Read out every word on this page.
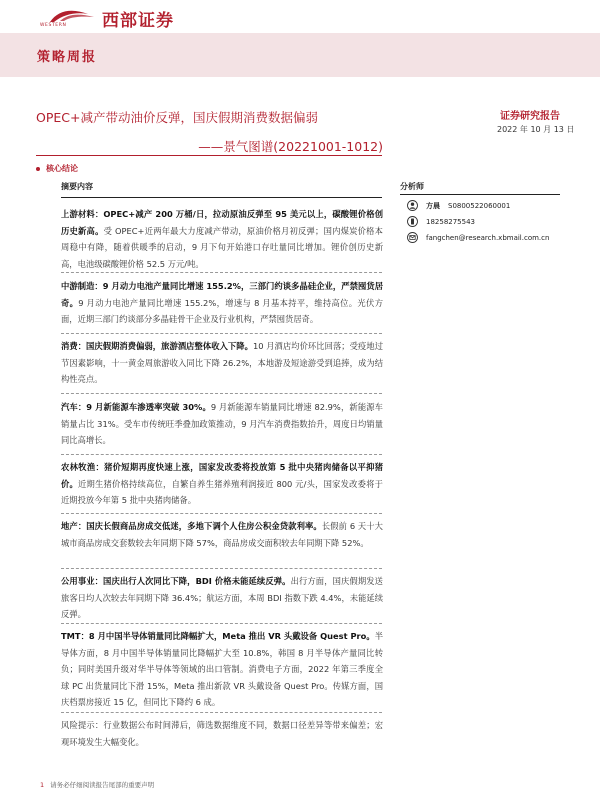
西部证券
WESTERN
策略周报
OPEC+减产带动油价反弹，国庆假期消费数据偏弱
——景气图谱(20221001-1012)
证券研究报告
2022 年 10 月 13 日
核心结论
摘要内容	分析师
方晨 S0800522060001
18258275543
fangchen@research.xbmail.com.cn
上游材料：OPEC+减产 200 万桶/日，拉动原油反弹至 95 美元以上，碳酸锂价格创历史新高。受 OPEC+近两年最大力度减产带动，原油价格月初反弹；国内煤炭价格本周稳中有降，随着供暖季的启动，9 月下旬开始港口存吐量同比增加。锂价创历史新高，电池级碳酸锂价格 52.5 万元/吨。
中游制造：9 月动力电池产量同比增速 155.2%，三部门约谈多晶硅企业，严禁囤货居奇。9 月动力电池产量同比增速 155.2%，增速与 8 月基本持平，维持高位。光伏方面，近期三部门约谈部分多晶硅骨干企业及行业机构，严禁囤货居奇。
消费：国庆假期消费偏弱，旅游酒店整体收入下降。10 月酒店均价环比回落；受疫地过节因素影响，十一黄金周旅游收入同比下降 26.2%，本地游及短途游受到追捧，成为结构性亮点。
汽车：9 月新能源车渗透率突破 30%。9 月新能源车销量同比增速 82.9%，新能源车销量占比 31%。受车市传统旺季叠加政策推动，9 月汽车消费指数抬升，周度日均销量同比高增长。
农林牧渔：猪价短期再度快速上涨，国家发改委将投放第 5 批中央猪肉储备以平抑猪价。近期生猪价格持续高位，自繁自养生猪养殖利润接近 800 元/头，国家发改委将于近期投放今年第 5 批中央猪肉储备。
地产：国庆长假商品房成交低迷，多地下调个人住房公积金贷款利率。长假前 6 天十大城市商品房成交套数较去年同期下降 57%，商品房成交面积较去年同期下降 52%。
公用事业：国庆出行人次同比下降，BDI 价格未能延续反弹。出行方面，国庆假期发送旅客日均人次较去年同期下降 36.4%；航运方面，本周 BDI 指数下跌 4.4%，未能延续反弹。
TMT：8 月中国半导体销量同比降幅扩大，Meta 推出 VR 头戴设备 Quest Pro。半导体方面，8 月中国半导体销量同比降幅扩大至 10.8%，韩国 8 月半导体产量同比转负；同时美国升级对华半导体等领域的出口管制。消费电子方面，2022 年第三季度全球 PC 出货量同比下滑 15%，Meta 推出新款 VR 头戴设备 Quest Pro。传媒方面，国庆档票房接近 15 亿，但同比下降约 6 成。
风险提示：行业数据公布时间滞后，筛选数据维度不同，数据口径差异等带来偏差；宏观环境发生大幅变化。
1 请务必仔细阅读报告尾部的重要声明
